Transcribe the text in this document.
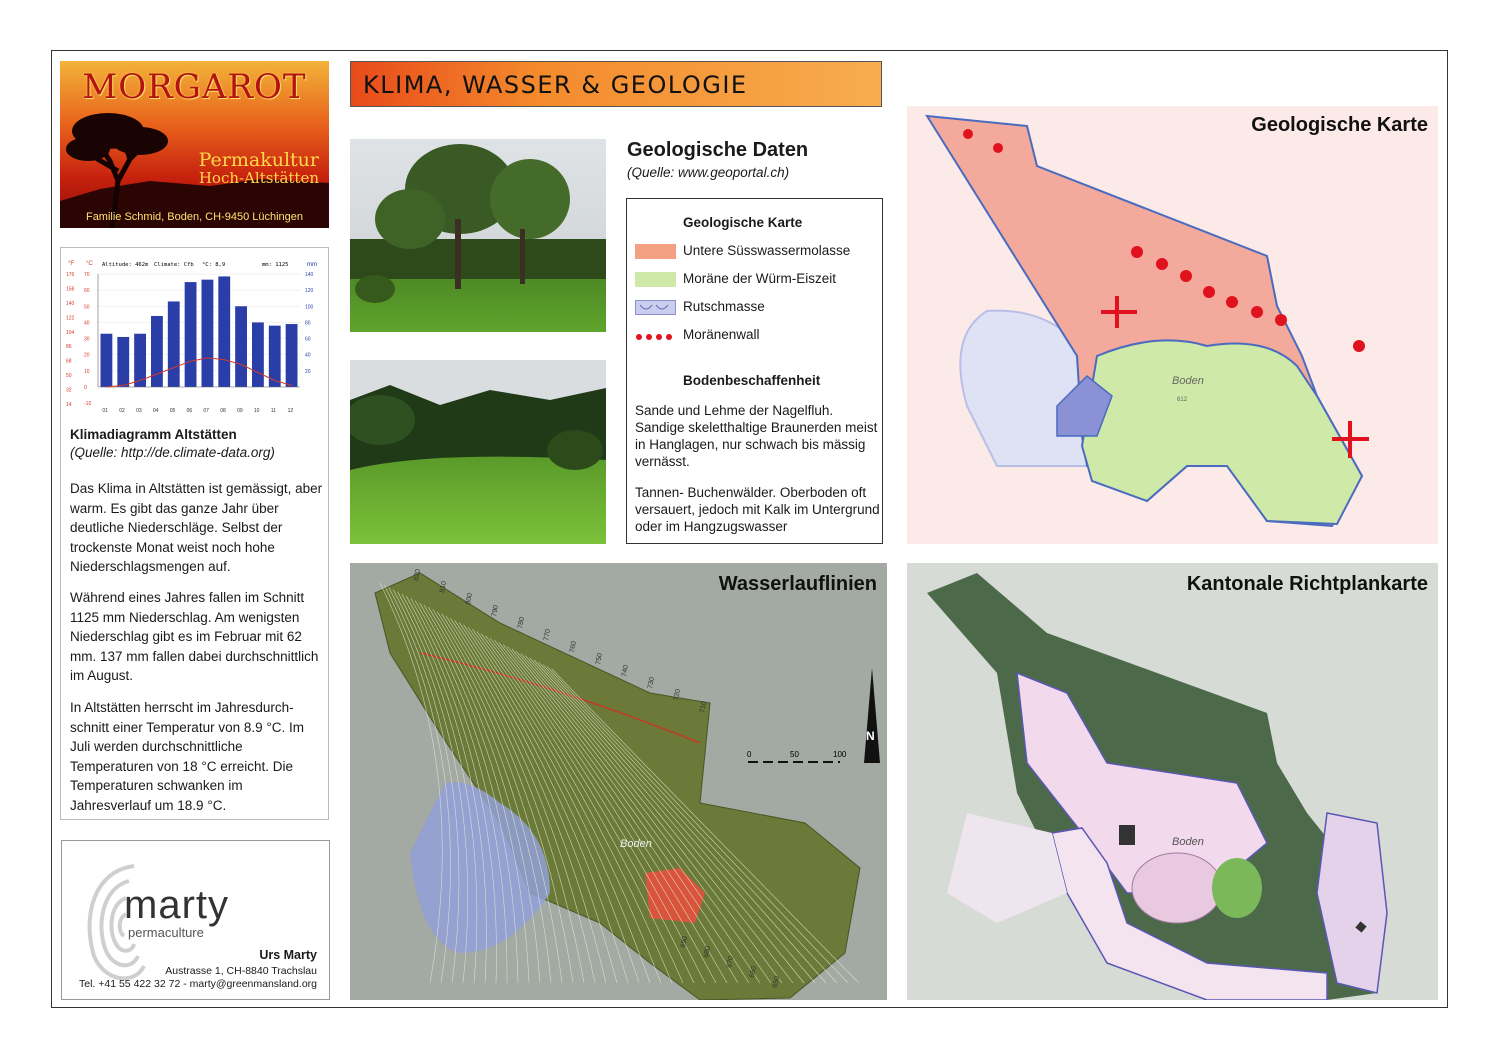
MORGAROT
Permakultur
Hoch-Altstätten
Familie Schmid, Boden, CH-9450 Lüchingen
°F °C Altitude: 462m Climate: Cfb °C: 8,9	mm: 1125	mm
176
158
140
122
104
86
68
50
32
14
70
60
50
40
30
20
10
0
-10
140
120
100
80
60
40
20
01 02 03 04 05 06 07 08 09 10 11 12
Klimadiagramm Altstätten
(Quelle: http://de.climate-data.org)
Das Klima in Altstätten ist gemässigt, aber warm. Es gibt das ganze Jahr über deutliche Niederschläge. Selbst der trockenste Monat weist noch hohe Niederschlagsmengen auf.
Während eines Jahres fallen im Schnitt 1125 mm Niederschlag. Am wenigsten Niederschlag gibt es im Februar mit 62 mm. 137 mm fallen dabei durchschnittlich im August.
In Altstätten herrscht im Jahresdurch-schnitt einer Temperatur von 8.9 °C. Im Juli werden durchschnittliche Temperaturen von 18 °C erreicht. Die Temperaturen schwanken im Jahresverlauf um 18.9 °C.
marty
permaculture
Urs Marty
Austrasse 1, CH-8840 Trachslau
Tel. +41 55 422 32 72 - marty@greenmansland.org
KLIMA, WASSER & GEOLOGIE
Geologische Daten
(Quelle: www.geoportal.ch)
Geologische Karte
Untere Süsswassermolasse
Moräne der Würm-Eiszeit
Rutschmasse
Moränenwall
Bodenbeschaffenheit
Sande und Lehme der Nagelfluh. Sandige skeletthaltige Braunerden meist in Hanglagen, nur schwach bis mässig vernässt.
Tannen- Buchenwälder. Oberboden oft versauert, jedoch mit Kalk im Untergrund oder im Hangzugswasser
Boden
612
Geologische Karte
Boden
820
810
800
790
780
770
760
750
740
730
720
710
690
680
670
660
650
0	50	100
N
Wasserlauflinien
Boden
Kantonale Richtplankarte
